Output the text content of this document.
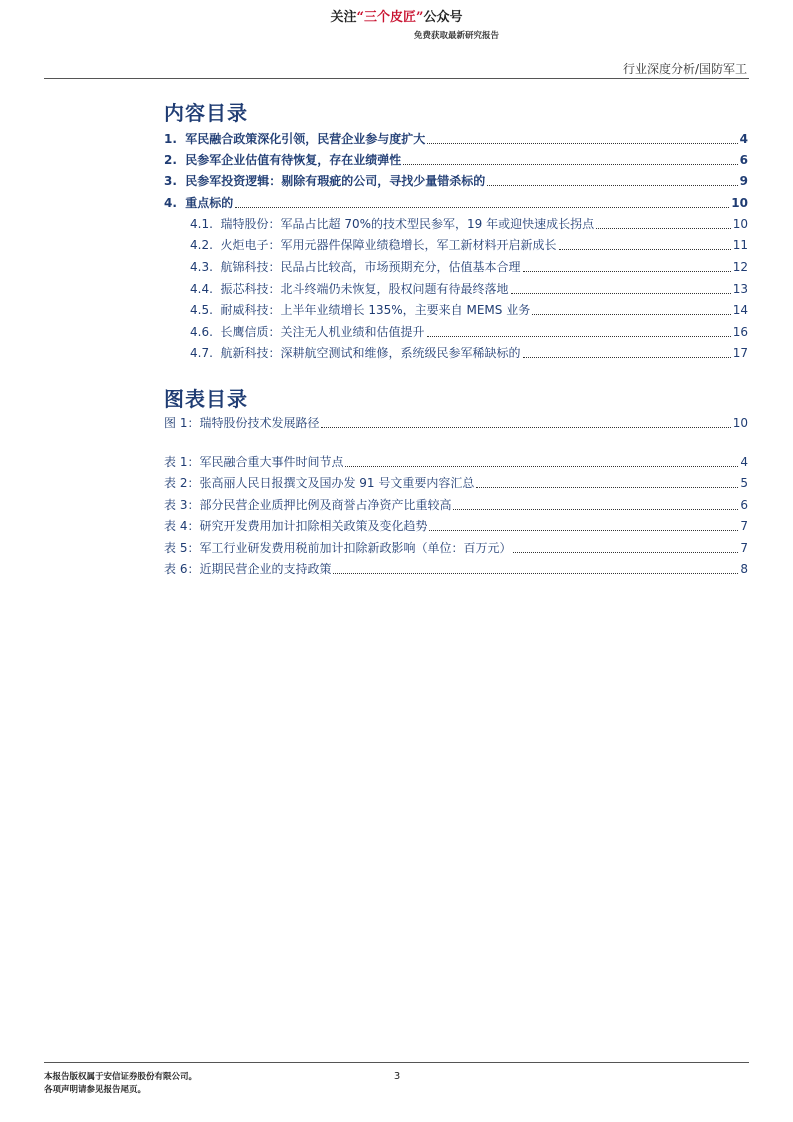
关注“三个皮匠”公众号
免费获取最新研究报告
行业深度分析/国防军工
内容目录
1. 军民融合政策深化引领，民营企业参与度扩大	4
2. 民参军企业估值有待恢复，存在业绩弹性	6
3. 民参军投资逻辑：剔除有瑕疵的公司，寻找少量错杀标的	9
4. 重点标的	10
4.1. 瑞特股份：军品占比超 70%的技术型民参军，19 年或迎快速成长拐点	10
4.2. 火炬电子：军用元器件保障业绩稳增长，军工新材料开启新成长	11
4.3. 航锦科技：民品占比较高，市场预期充分，估值基本合理	12
4.4. 振芯科技：北斗终端仍未恢复，股权问题有待最终落地	13
4.5. 耐威科技：上半年业绩增长 135%，主要来自 MEMS 业务	14
4.6. 长鹰信质：关注无人机业绩和估值提升	16
4.7. 航新科技：深耕航空测试和维修，系统级民参军稀缺标的	17
图表目录
图 1： 瑞特股份技术发展路径	10
表 1： 军民融合重大事件时间节点	4
表 2： 张高丽人民日报撰文及国办发 91 号文重要内容汇总	5
表 3： 部分民营企业质押比例及商誉占净资产比重较高	6
表 4： 研究开发费用加计扣除相关政策及变化趋势	7
表 5： 军工行业研发费用税前加计扣除新政影响（单位：百万元）	7
表 6： 近期民营企业的支持政策	8
本报告版权属于安信证券股份有限公司。
各项声明请参见报告尾页。
3
